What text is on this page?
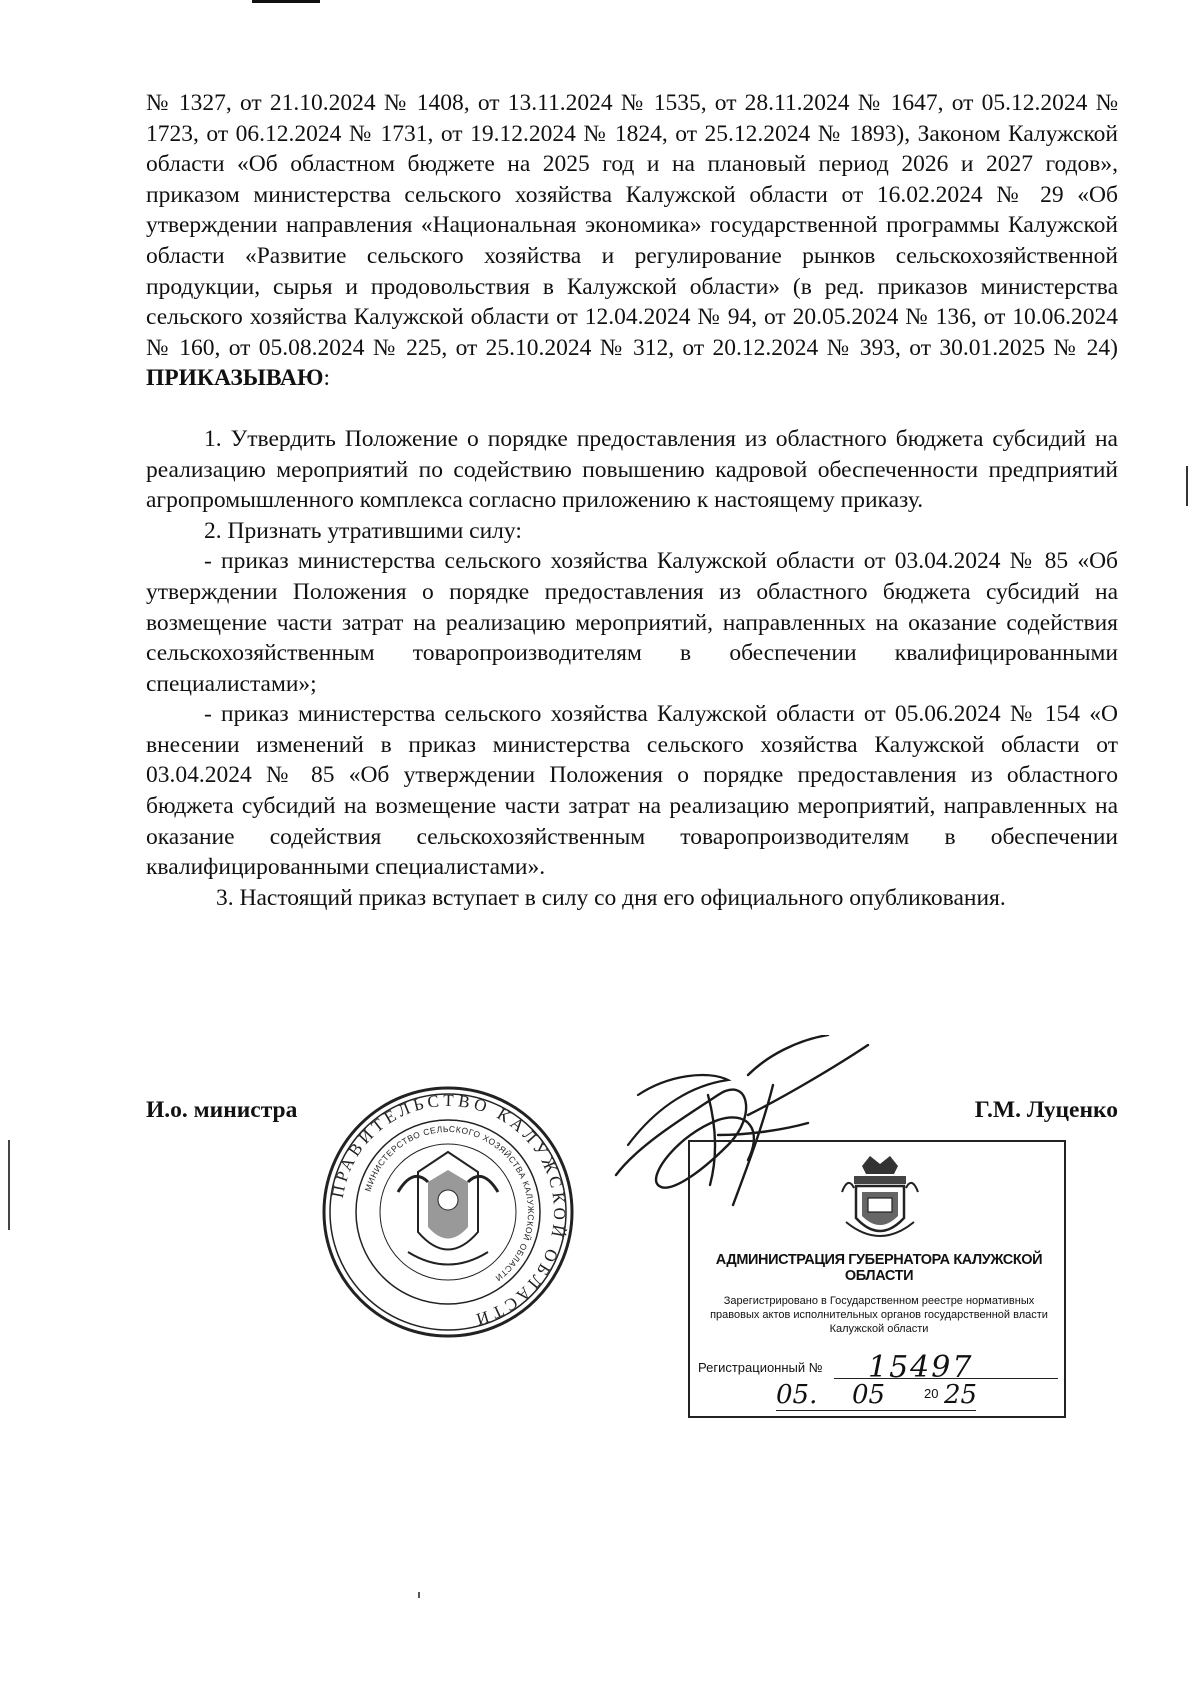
№ 1327, от 21.10.2024 № 1408, от 13.11.2024 № 1535, от 28.11.2024 № 1647, от 05.12.2024 № 1723, от 06.12.2024 № 1731, от 19.12.2024 № 1824, от 25.12.2024 № 1893), Законом Калужской области «Об областном бюджете на 2025 год и на плановый период 2026 и 2027 годов», приказом министерства сельского хозяйства Калужской области от 16.02.2024 № 29 «Об утверждении направления «Национальная экономика» государственной программы Калужской области «Развитие сельского хозяйства и регулирование рынков сельскохозяйственной продукции, сырья и продовольствия в Калужской области» (в ред. приказов министерства сельского хозяйства Калужской области от 12.04.2024 № 94, от 20.05.2024 № 136, от 10.06.2024 № 160, от 05.08.2024 № 225, от 25.10.2024 № 312, от 20.12.2024 № 393, от 30.01.2025 № 24) ПРИКАЗЫВАЮ:

1. Утвердить Положение о порядке предоставления из областного бюджета субсидий на реализацию мероприятий по содействию повышению кадровой обеспеченности предприятий агропромышленного комплекса согласно приложению к настоящему приказу.

2. Признать утратившими силу:

- приказ министерства сельского хозяйства Калужской области от 03.04.2024 № 85 «Об утверждении Положения о порядке предоставления из областного бюджета субсидий на возмещение части затрат на реализацию мероприятий, направленных на оказание содействия сельскохозяйственным товаропроизводителям в обеспечении квалифицированными специалистами»;

- приказ министерства сельского хозяйства Калужской области от 05.06.2024 № 154 «О внесении изменений в приказ министерства сельского хозяйства Калужской области от 03.04.2024 № 85 «Об утверждении Положения о порядке предоставления из областного бюджета субсидий на возмещение части затрат на реализацию мероприятий, направленных на оказание содействия сельскохозяйственным товаропроизводителям в обеспечении квалифицированными специалистами».

3. Настоящий приказ вступает в силу со дня его официального опубликования.

И.о. министра	Г.М. Луценко
ПРАВИТЕЛЬСТВО КАЛУЖСКОЙ ОБЛАСТИ
МИНИСТЕРСТВО СЕЛЬСКОГО ХОЗЯЙСТВА КАЛУЖСКОЙ ОБЛАСТИ
АДМИНИСТРАЦИЯ ГУБЕРНАТОРА КАЛУЖСКОЙ ОБЛАСТИ
Зарегистрировано в Государственном реестре нормативных правовых актов исполнительных органов государственной власти Калужской области
Регистрационный № 15497
05. 05	20 25
